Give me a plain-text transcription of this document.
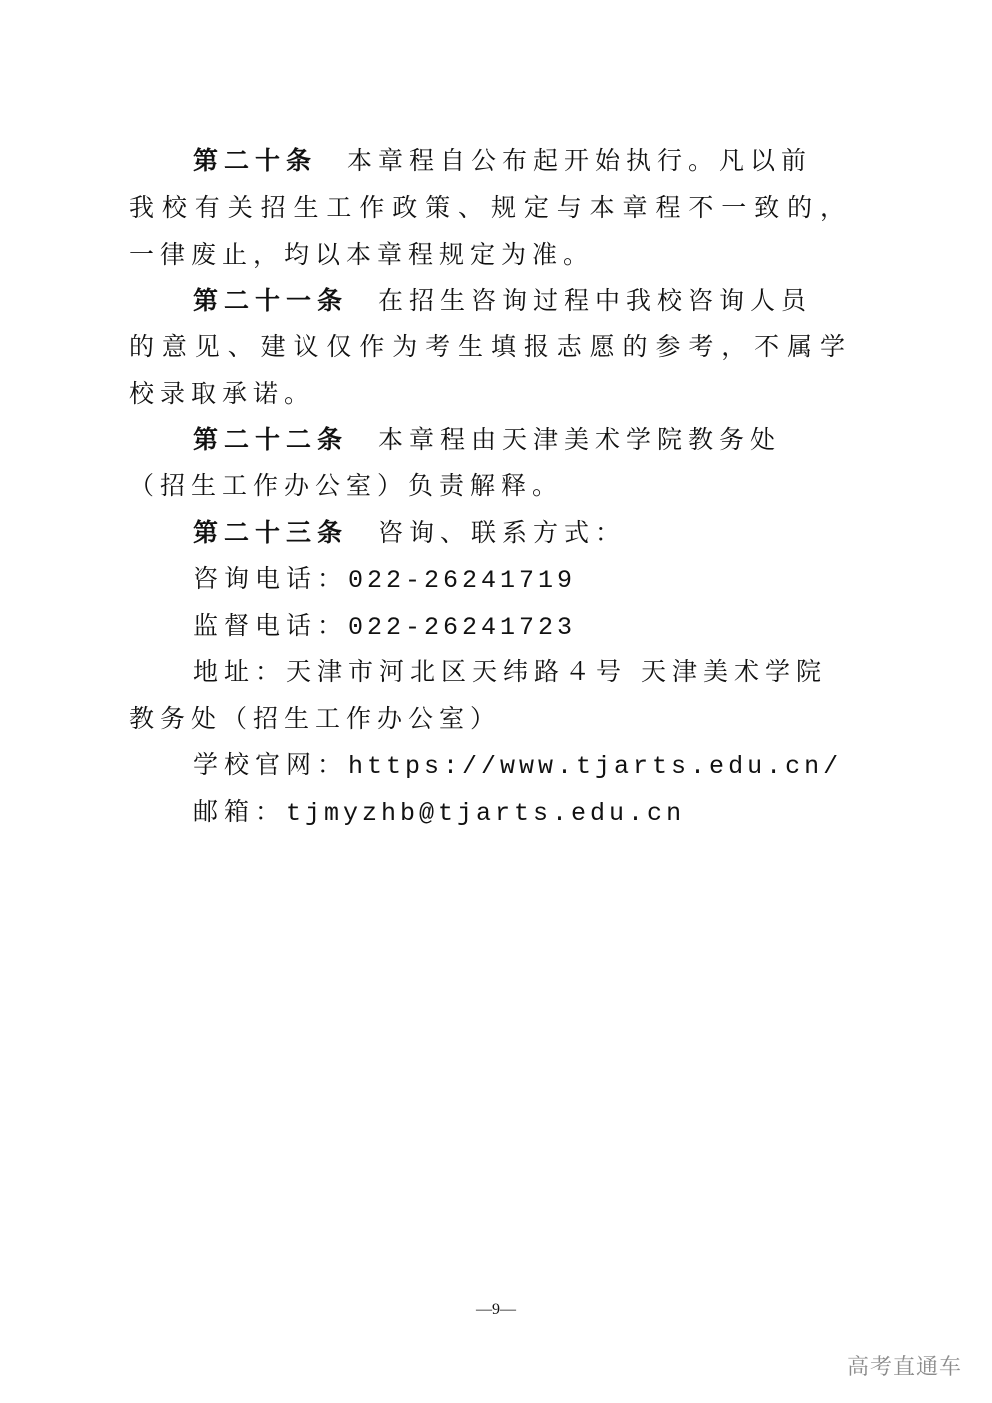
第二十条 本章程自公布起开始执行。凡以前
我校有关招生工作政策、规定与本章程不一致的，
一律废止，均以本章程规定为准。
第二十一条 在招生咨询过程中我校咨询人员
的意见、建议仅作为考生填报志愿的参考，不属学
校录取承诺。
第二十二条 本章程由天津美术学院教务处
（招生工作办公室）负责解释。
第二十三条 咨询、联系方式：
咨询电话：022-26241719
监督电话：022-26241723
地址：天津市河北区天纬路４号 天津美术学院
教务处（招生工作办公室）
学校官网：https://www.tjarts.edu.cn/
邮箱：tjmyzhb@tjarts.edu.cn
—9—
高考直通车
